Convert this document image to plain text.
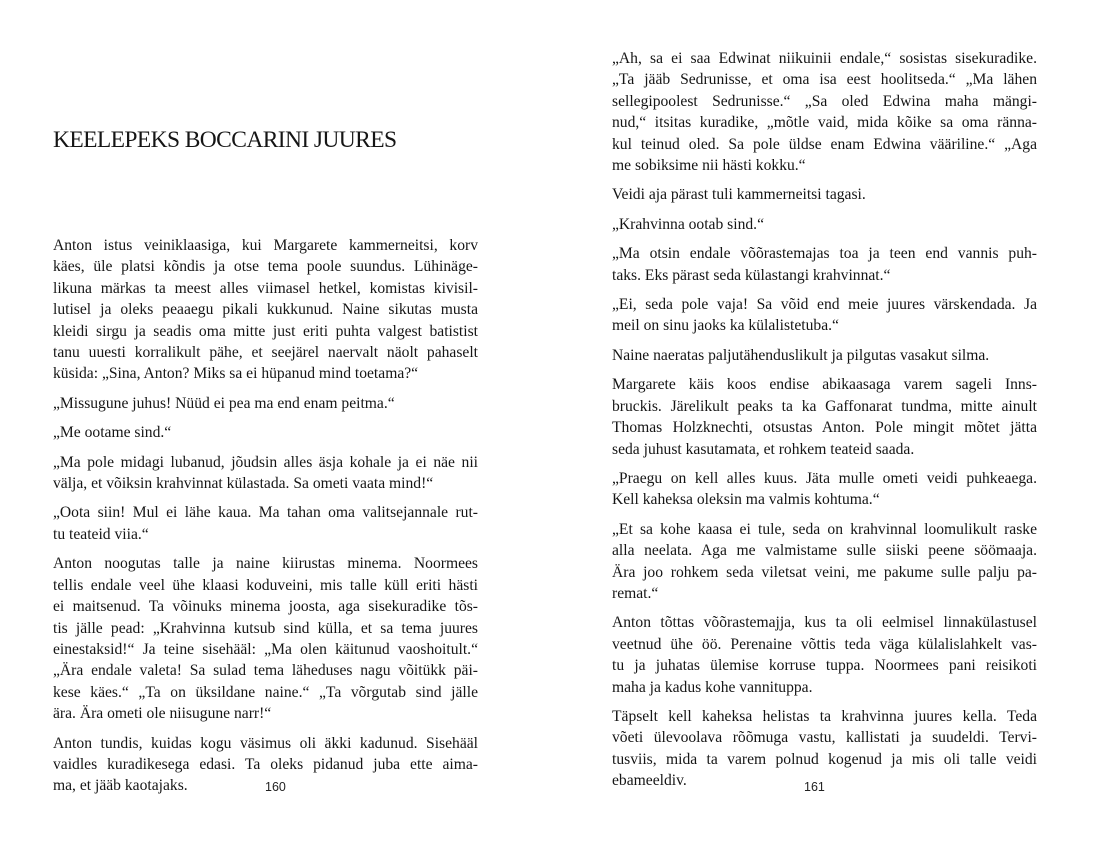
KEELEPEKS BOCCARINI JUURES

Anton istus veiniklaasiga, kui Margarete kammerneitsi, korv
käes, üle platsi kõndis ja otse tema poole suundus. Lühinäge-
likuna märkas ta meest alles viimasel hetkel, komistas kivisil-
lutisel ja oleks peaaegu pikali kukkunud. Naine sikutas musta
kleidi sirgu ja seadis oma mitte just eriti puhta valgest batistist
tanu uuesti korralikult pähe, et seejärel naervalt näolt pahaselt
küsida: „Sina, Anton? Miks sa ei hüpanud mind toetama?“

„Missugune juhus! Nüüd ei pea ma end enam peitma.“

„Me ootame sind.“

„Ma pole midagi lubanud, jõudsin alles äsja kohale ja ei näe nii
välja, et võiksin krahvinnat külastada. Sa ometi vaata mind!“

„Oota siin! Mul ei lähe kaua. Ma tahan oma valitsejannale rut-
tu teateid viia.“

Anton noogutas talle ja naine kiirustas minema. Noormees
tellis endale veel ühe klaasi koduveini, mis talle küll eriti hästi
ei maitsenud. Ta võinuks minema joosta, aga sisekuradike tõs-
tis jälle pead: „Krahvinna kutsub sind külla, et sa tema juures
einestaksid!“ Ja teine sisehääl: „Ma olen käitunud vaoshoitult.“
„Ära endale valeta! Sa sulad tema läheduses nagu võitükk päi-
kese käes.“ „Ta on üksildane naine.“ „Ta võrgutab sind jälle
ära. Ära ometi ole niisugune narr!“

Anton tundis, kuidas kogu väsimus oli äkki kadunud. Sisehääl
vaidles kuradikesega edasi. Ta oleks pidanud juba ette aima-
ma, et jääb kaotajaks.	160

„Ah, sa ei saa Edwinat niikuinii endale,“ sosistas sisekuradike.
„Ta jääb Sedrunisse, et oma isa eest hoolitseda.“ „Ma lähen
sellegipoolest Sedrunisse.“ „Sa oled Edwina maha mängi-
nud,“ itsitas kuradike, „mõtle vaid, mida kõike sa oma ränna-
kul teinud oled. Sa pole üldse enam Edwina vääriline.“ „Aga
me sobiksime nii hästi kokku.“

Veidi aja pärast tuli kammerneitsi tagasi.

„Krahvinna ootab sind.“

„Ma otsin endale võõrastemajas toa ja teen end vannis puh-
taks. Eks pärast seda külastangi krahvinnat.“

„Ei, seda pole vaja! Sa võid end meie juures värskendada. Ja
meil on sinu jaoks ka külalistetuba.“

Naine naeratas paljutähenduslikult ja pilgutas vasakut silma.

Margarete käis koos endise abikaasaga varem sageli Inns-
bruckis. Järelikult peaks ta ka Gaffonarat tundma, mitte ainult
Thomas Holzknechti, otsustas Anton. Pole mingit mõtet jätta
seda juhust kasutamata, et rohkem teateid saada.

„Praegu on kell alles kuus. Jäta mulle ometi veidi puhkeaega.
Kell kaheksa oleksin ma valmis kohtuma.“

„Et sa kohe kaasa ei tule, seda on krahvinnal loomulikult raske
alla neelata. Aga me valmistame sulle siiski peene söömaaja.
Ära joo rohkem seda viletsat veini, me pakume sulle palju pa-
remat.“

Anton tõttas võõrastemajja, kus ta oli eelmisel linnakülastusel
veetnud ühe öö. Perenaine võttis teda väga külalislahkelt vas-
tu ja juhatas ülemise korruse tuppa. Noormees pani reisikoti
maha ja kadus kohe vannituppa.

Täpselt kell kaheksa helistas ta krahvinna juures kella. Teda
võeti ülevoolava rõõmuga vastu, kallistati ja suudeldi. Tervi-
tusviis, mida ta varem polnud kogenud ja mis oli talle veidi
ebameeldiv.	161
